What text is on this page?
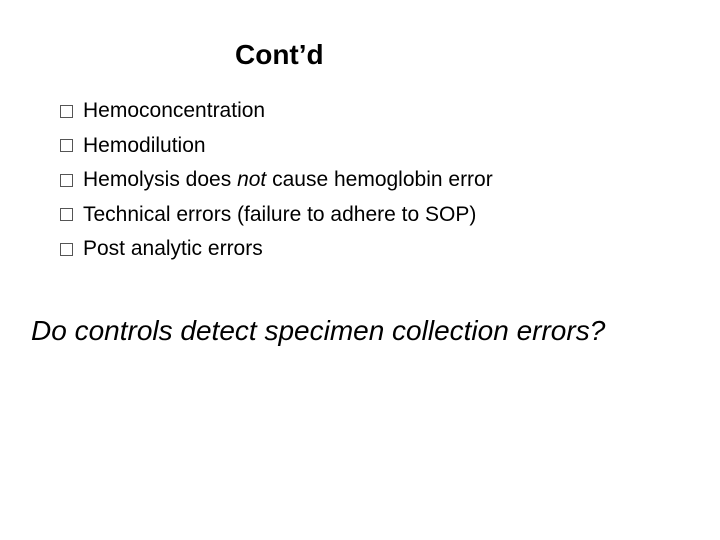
Cont’d
Hemoconcentration
Hemodilution
Hemolysis does not cause hemoglobin error
Technical errors (failure to adhere to SOP)
Post analytic errors
Do controls detect specimen collection errors?
